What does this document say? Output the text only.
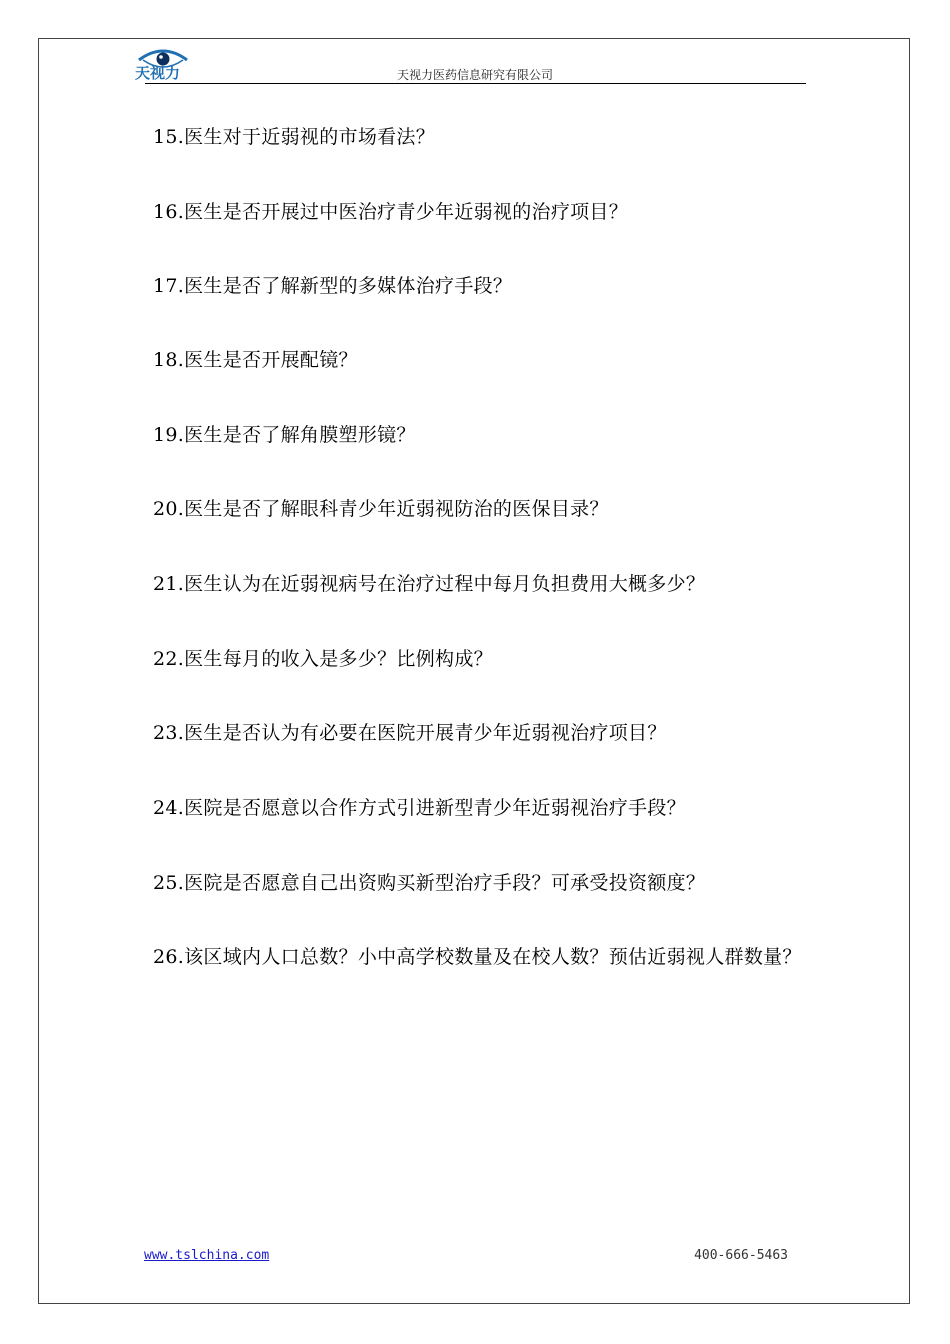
天视力	天视力医药信息研究有限公司

15.医生对于近弱视的市场看法？

16.医生是否开展过中医治疗青少年近弱视的治疗项目？

17.医生是否了解新型的多媒体治疗手段？

18.医生是否开展配镜？

19.医生是否了解角膜塑形镜？

20.医生是否了解眼科青少年近弱视防治的医保目录？

21.医生认为在近弱视病号在治疗过程中每月负担费用大概多少？

22.医生每月的收入是多少？比例构成？

23.医生是否认为有必要在医院开展青少年近弱视治疗项目？

24.医院是否愿意以合作方式引进新型青少年近弱视治疗手段？

25.医院是否愿意自己出资购买新型治疗手段？可承受投资额度？

26.该区域内人口总数？小中高学校数量及在校人数？预估近弱视人群数量？

www.tslchina.com	400-666-5463
